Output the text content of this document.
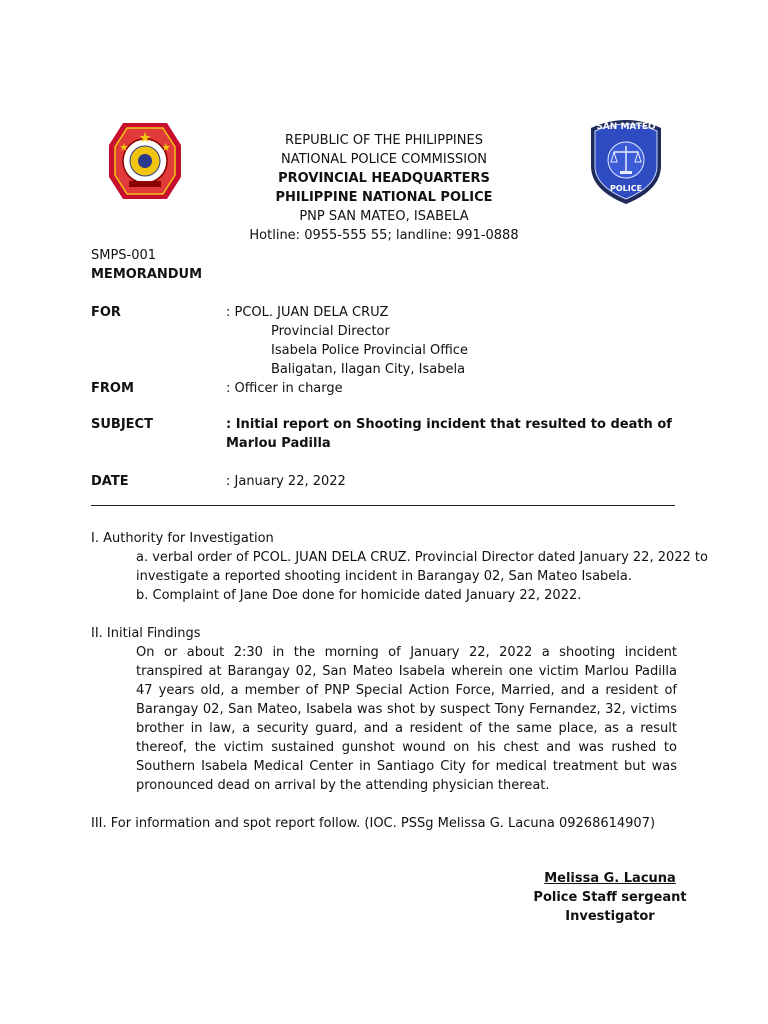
SAN MATEO
POLICE
REPUBLIC OF THE PHILIPPINES
NATIONAL POLICE COMMISSION
PROVINCIAL HEADQUARTERS
PHILIPPINE NATIONAL POLICE
PNP SAN MATEO, ISABELA
Hotline: 0955-555 55; landline: 991-0888
SMPS-001
MEMORANDUM
FOR	: PCOL. JUAN DELA CRUZ
Provincial Director
Isabela Police Provincial Office
Baligatan, Ilagan City, Isabela
FROM	: Officer in charge
SUBJECT	: Initial report on Shooting incident that resulted to death of
Marlou Padilla
DATE	: January 22, 2022
I. Authority for Investigation
a. verbal order of PCOL. JUAN DELA CRUZ. Provincial Director dated January 22, 2022 to
investigate a reported shooting incident in Barangay 02, San Mateo Isabela.
b. Complaint of Jane Doe done for homicide dated January 22, 2022.
II. Initial Findings
On or about 2:30 in the morning of January 22, 2022 a shooting incident transpired at Barangay 02, San Mateo Isabela wherein one victim Marlou Padilla 47 years old, a member of PNP Special Action Force, Married, and a resident of Barangay 02, San Mateo, Isabela was shot by suspect Tony Fernandez, 32, victims brother in law, a security guard, and a resident of the same place, as a result thereof, the victim sustained gunshot wound on his chest and was rushed to Southern Isabela Medical Center in Santiago City for medical treatment but was pronounced dead on arrival by the attending physician thereat.
III. For information and spot report follow. (IOC. PSSg Melissa G. Lacuna 09268614907)
Melissa G. Lacuna
Police Staff sergeant
Investigator
